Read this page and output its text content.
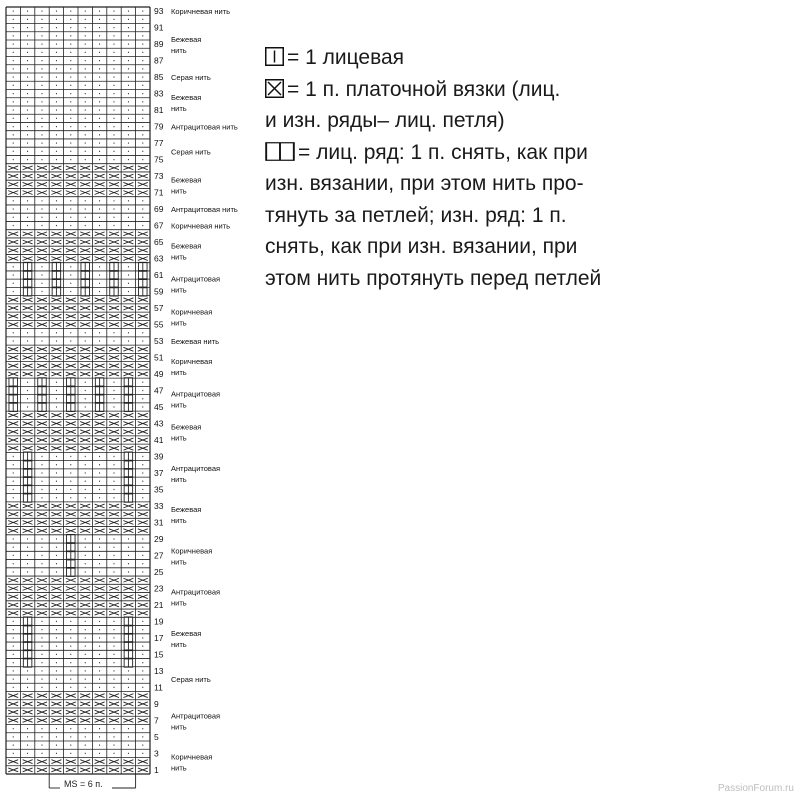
93
91
89
87
85
83
81
79
77
75
73
71
69
67
65
63
61
59
57
55
53
51
49
47
45
43
41
39
37
35
33
31
29
27
25
23
21
19
17
15
13
11
9
7
5
3
1
Коричневая нить
Бежевая
нить
Серая нить
Бежевая
нить
Антрацитовая нить
Серая нить
Бежевая
нить
Антрацитовая нить
Коричневая нить
Бежевая
нить
Антрацитовая
нить
Коричневая
нить
Бежевая нить
Коричневая
нить
Антрацитовая
нить
Бежевая
нить
Антрацитовая
нить
Бежевая
нить
Коричневая
нить
Антрацитовая
нить
Бежевая
нить
Серая нить
Антрацитовая
нить
Коричневая
нить
MS = 6 п.
= 1 лицевая
= 1 п. платочной вязки (лиц.
и изн. ряды– лиц. петля)
= лиц. ряд: 1 п. снять, как при
изн. вязании, при этом нить про-
тянуть за петлей; изн. ряд: 1 п.
снять, как при изн. вязании, при
этом нить протянуть перед петлей
PassionForum.ru
